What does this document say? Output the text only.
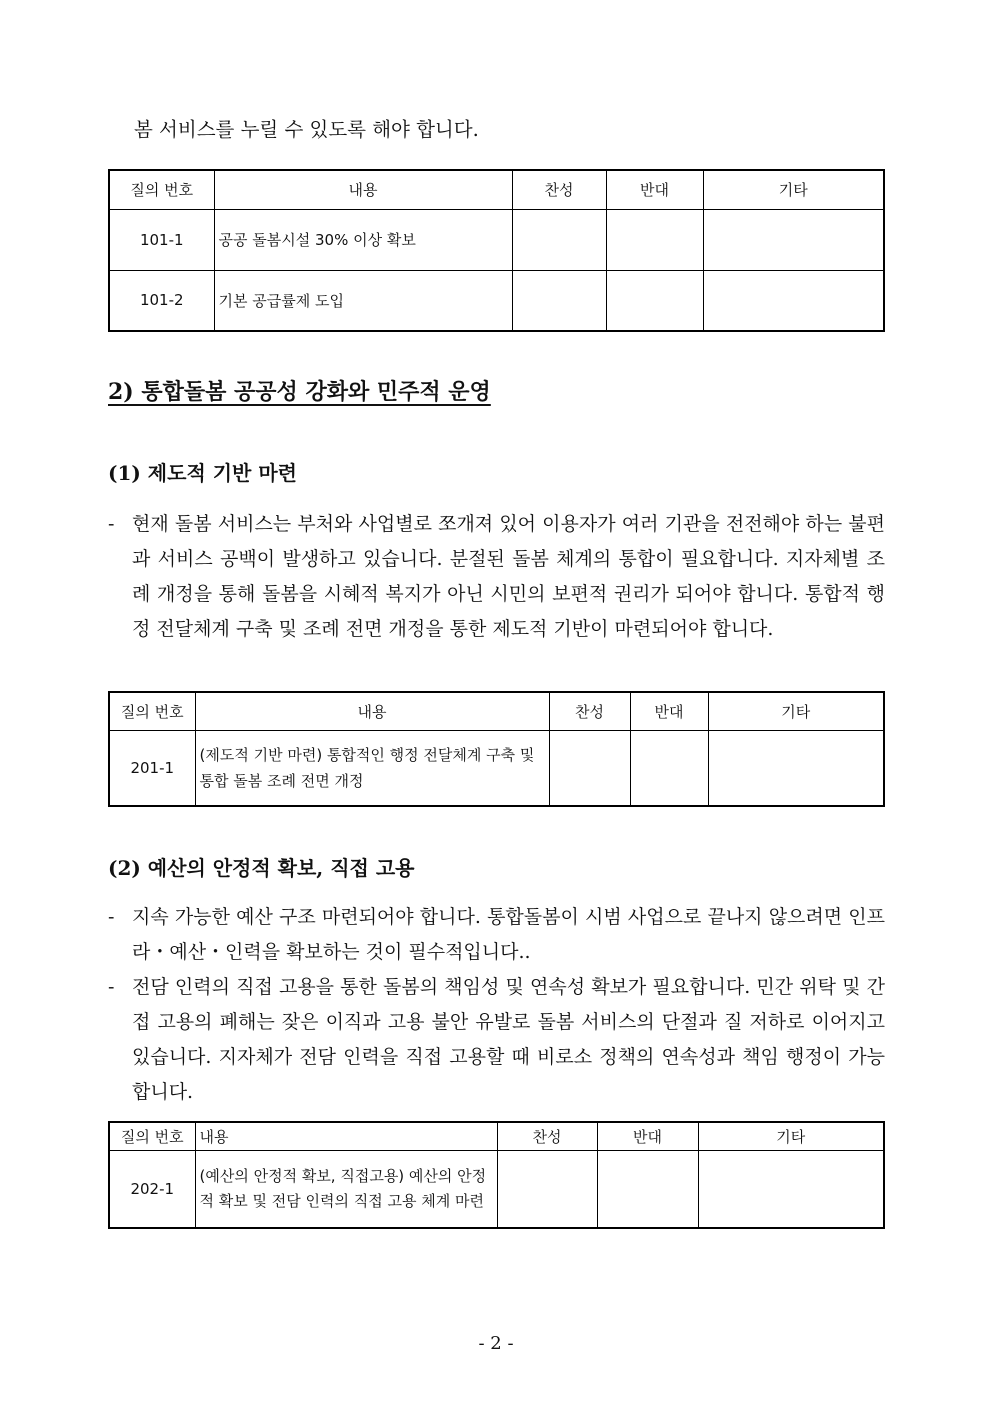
봄 서비스를 누릴 수 있도록 해야 합니다.
질의 번호	내용	찬성	반대	기타
101-1	공공 돌봄시설 30% 이상 확보			
101-2	기본 공급률제 도입			
2) 통합돌봄 공공성 강화와 민주적 운영
(1) 제도적 기반 마련
- 현재 돌봄 서비스는 부처와 사업별로 쪼개져 있어 이용자가 여러 기관을 전전해야 하는 불편과 서비스 공백이 발생하고 있습니다. 분절된 돌봄 체계의 통합이 필요합니다. 지자체별 조례 개정을 통해 돌봄을 시혜적 복지가 아닌 시민의 보편적 권리가 되어야 합니다. 통합적 행정 전달체계 구축 및 조례 전면 개정을 통한 제도적 기반이 마련되어야 합니다.
질의 번호	내용	찬성	반대	기타
201-1	(제도적 기반 마련) 통합적인 행정 전달체계 구축 및 통합 돌봄 조례 전면 개정			
(2) 예산의 안정적 확보, 직접 고용
- 지속 가능한 예산 구조 마련되어야 합니다. 통합돌봄이 시범 사업으로 끝나지 않으려면 인프라・예산・인력을 확보하는 것이 필수적입니다..
- 전담 인력의 직접 고용을 통한 돌봄의 책임성 및 연속성 확보가 필요합니다. 민간 위탁 및 간접 고용의 폐해는 잦은 이직과 고용 불안 유발로 돌봄 서비스의 단절과 질 저하로 이어지고 있습니다. 지자체가 전담 인력을 직접 고용할 때 비로소 정책의 연속성과 책임 행정이 가능합니다.
질의 번호	내용	찬성	반대	기타
202-1	(예산의 안정적 확보, 직접고용) 예산의 안정적 확보 및 전담 인력의 직접 고용 체계 마련			
- 2 -
